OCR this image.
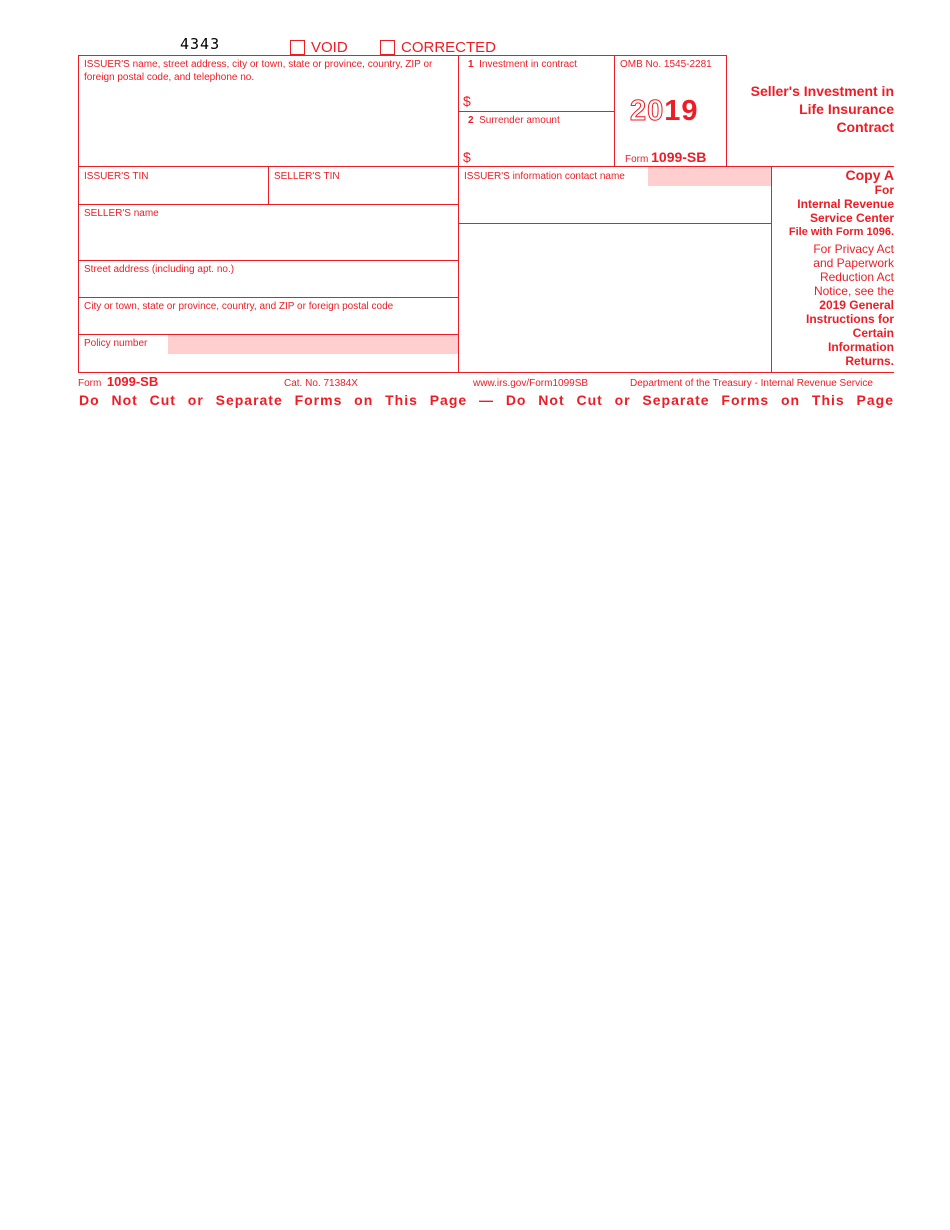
4343	VOID	CORRECTED
ISSUER'S name, street address, city or town, state or province, country, ZIP or foreign postal code, and telephone no.
1 Investment in contract
$
2 Surrender amount
$
OMB No. 1545-2281
2019
Form 1099-SB
Seller's Investment in
Life Insurance
Contract
ISSUER'S TIN	SELLER'S TIN	ISSUER'S information contact name
SELLER'S name
Street address (including apt. no.)
City or town, state or province, country, and ZIP or foreign postal code
Policy number
Copy A
For
Internal Revenue
Service Center
File with Form 1096.
For Privacy Act
and Paperwork
Reduction Act
Notice, see the
2019 General
Instructions for
Certain
Information
Returns.
Form 1099-SB	Cat. No. 71384X	www.irs.gov/Form1099SB	Department of the Treasury - Internal Revenue Service
Do Not Cut or Separate Forms on This Page — Do Not Cut or Separate Forms on This Page
